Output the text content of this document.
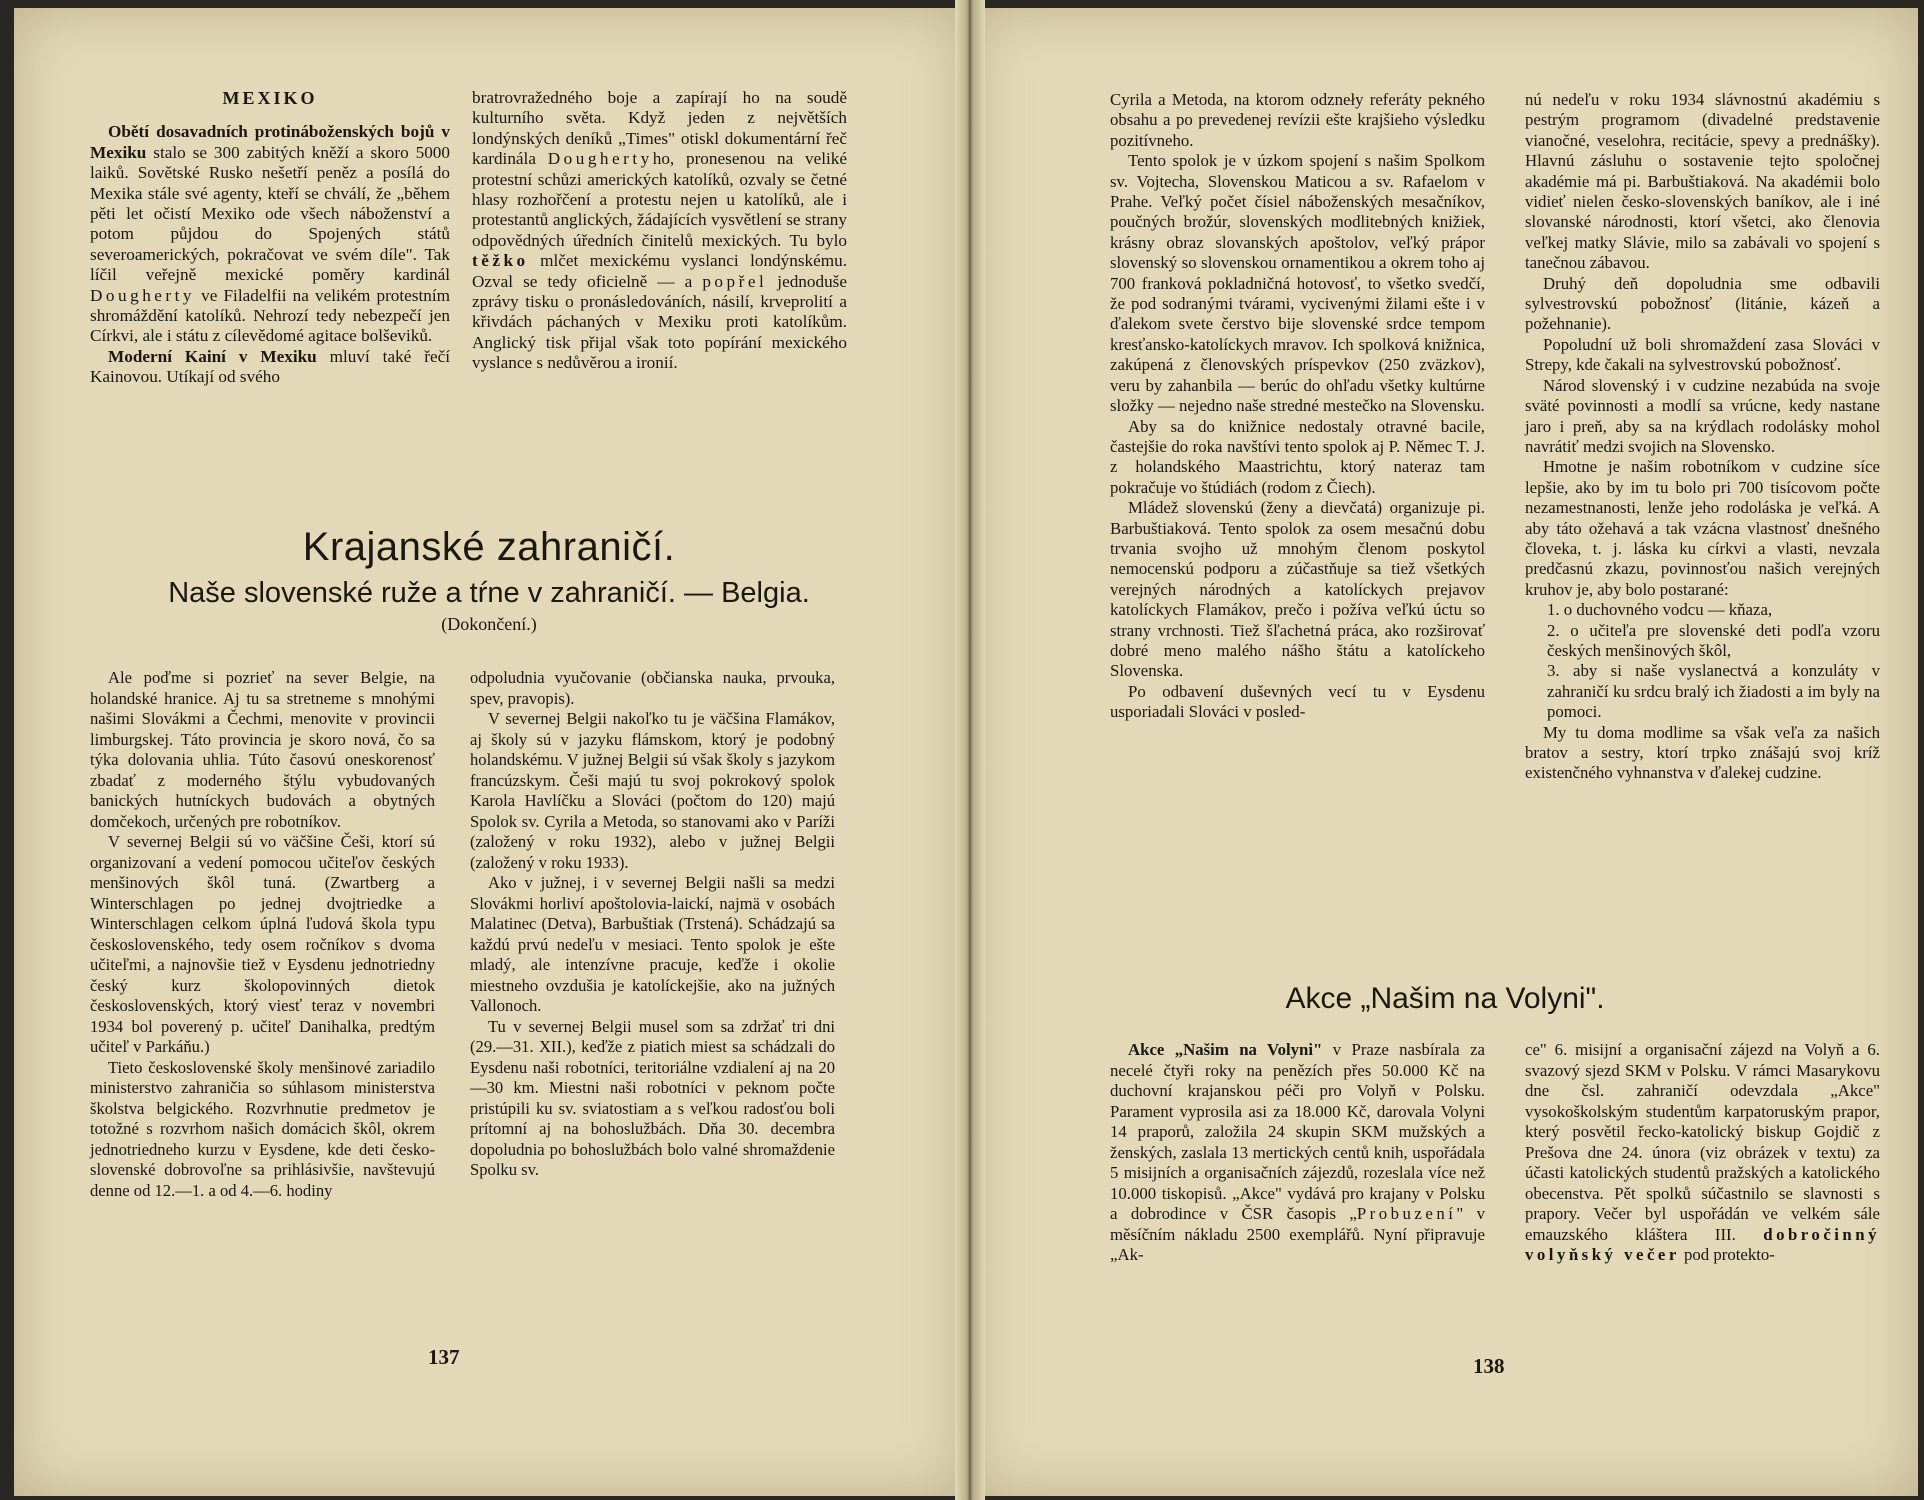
MEXIKO

Obětí dosavadních protináboženských bojů v Mexiku stalo se 300 zabitých kněží a skoro 5000 laiků. Sovětské Rusko nešetří peněz a posílá do Mexika stále své agenty, kteří se chválí, že „během pěti let očistí Mexiko ode všech náboženství a potom půjdou do Spojených států severoamerických, pokračovat ve svém díle". Tak líčil veřejně mexické poměry kardinál Dougherty ve Filadelfii na velikém protestním shromáždění katolíků. Nehrozí tedy nebezpečí jen Církvi, ale i státu z cílevědomé agitace bolševiků.

Moderní Kainí v Mexiku mluví také řečí Kainovou. Utíkají od svého

bratrovražedného boje a zapírají ho na soudě kulturního světa. Když jeden z největších londýnských deníků „Times" otiskl dokumentární řeč kardinála Doughertyho, pronesenou na veliké protestní schůzi amerických katolíků, ozvaly se četné hlasy rozhořčení a protestu nejen u katolíků, ale i protestantů anglických, žádajících vysvětlení se strany odpovědných úředních činitelů mexických. Tu bylo těžko mlčet mexickému vyslanci londýnskému. Ozval se tedy oficielně — a popřel jednoduše zprávy tisku o pronásledováních, násilí, krveprolití a křivdách páchaných v Mexiku proti katolíkům. Anglický tisk přijal však toto popírání mexického vyslance s nedůvěrou a ironií.

Krajanské zahraničí.
Naše slovenské ruže a tŕne v zahraničí. — Belgia.
(Dokončení.)

Ale poďme si pozrieť na sever Belgie, na holandské hranice. Aj tu sa stretneme s mnohými našimi Slovákmi a Čechmi, menovite v provincii limburgskej. Táto provincia je skoro nová, čo sa týka dolovania uhlia. Túto časovú oneskorenosť zbadať z moderného štýlu vybudovaných banických hutníckych budovách a obytných domčekoch, určených pre robotníkov.

V severnej Belgii sú vo väčšine Češi, ktorí sú organizovaní a vedení pomocou učiteľov českých menšinových škôl tuná. (Zwartberg a Winterschlagen po jednej dvojtriedke a Winterschlagen celkom úplná ľudová škola typu československého, tedy osem ročníkov s dvoma učiteľmi, a najnovšie tiež v Eysdenu jednotriedny český kurz školopovinných dietok československých, ktorý viesť teraz v novembri 1934 bol poverený p. učiteľ Danihalka, predtým učiteľ v Parkáňu.)

Tieto československé školy menšinové zariadilo ministerstvo zahraničia so súhlasom ministerstva školstva belgického. Rozvrhnutie predmetov je totožné s rozvrhom našich domácich škôl, okrem jednotriedneho kurzu v Eysdene, kde deti česko-slovenské dobrovoľne sa prihlásivšie, navštevujú denne od 12.—1. a od 4.—6. hodiny

odpoludnia vyučovanie (občianska nauka, prvouka, spev, pravopis).

V severnej Belgii nakoľko tu je väčšina Flamákov, aj školy sú v jazyku flámskom, ktorý je podobný holandskému. V južnej Belgii sú však školy s jazykom francúzskym. Češi majú tu svoj pokrokový spolok Karola Havlíčku a Slováci (počtom do 120) majú Spolok sv. Cyrila a Metoda, so stanovami ako v Paríži (založený v roku 1932), alebo v južnej Belgii (založený v roku 1933).

Ako v južnej, i v severnej Belgii našli sa medzi Slovákmi horliví apoštolovia-laickí, najmä v osobách Malatinec (Detva), Barbuštiak (Trstená). Schádzajú sa každú prvú nedeľu v mesiaci. Tento spolok je ešte mladý, ale intenzívne pracuje, keďže i okolie miestneho ovzdušia je katolíckejšie, ako na južných Vallonoch.

Tu v severnej Belgii musel som sa zdržať tri dni (29.—31. XII.), keďže z piatich miest sa schádzali do Eysdenu naši robotníci, teritoriálne vzdialení aj na 20—30 km. Miestni naši robotníci v peknom počte pristúpili ku sv. sviatostiam a s veľkou radosťou boli prítomní aj na bohoslužbách. Dňa 30. decembra dopoludnia po bohoslužbách bolo valné shromaždenie Spolku sv.

137

Cyrila a Metoda, na ktorom odzneły referáty pekného obsahu a po prevedenej revízii ešte krajšieho výsledku pozitívneho.

Tento spolok je v úzkom spojení s našim Spolkom sv. Vojtecha, Slovenskou Maticou a sv. Rafaelom v Prahe. Veľký počet čísiel náboženských mesačníkov, poučných brožúr, slovenských modlitebných knižiek, krásny obraz slovanských apoštolov, veľký prápor slovenský so slovenskou ornamentikou a okrem toho aj 700 franková pokladničná hotovosť, to všetko svedčí, že pod sodranými tvárami, vycivenými žilami ešte i v ďalekom svete čerstvo bije slovenské srdce tempom kresťansko-katolíckych mravov. Ich spolková knižnica, zakúpená z členovských príspevkov (250 zväzkov), veru by zahanbila — berúc do ohľadu všetky kultúrne složky — nejedno naše stredné mestečko na Slovensku.

Aby sa do knižnice nedostaly otravné bacile, častejšie do roka navštívi tento spolok aj P. Němec T. J. z holandského Maastrichtu, ktorý nateraz tam pokračuje vo štúdiách (rodom z Čiech).

Mládež slovenskú (ženy a dievčatá) organizuje pi. Barbuštiaková. Tento spolok za osem mesačnú dobu trvania svojho už mnohým členom poskytol nemocenskú podporu a zúčastňuje sa tiež všetkých verejných národných a katolíckych prejavov katolíckych Flamákov, prečo i požíva veľkú úctu so strany vrchnosti. Tiež šľachetná práca, ako rozširovať dobré meno malého nášho štátu a katolíckeho Slovenska.

Po odbavení duševných vecí tu v Eysdenu usporiadali Slováci v posled-

nú nedeľu v roku 1934 slávnostnú akadémiu s pestrým programom (divadelné predstavenie vianočné, veselohra, recitácie, spevy a prednášky). Hlavnú zásluhu o sostavenie tejto spoločnej akadémie má pi. Barbuštiaková. Na akadémii bolo vidieť nielen česko-slovenských baníkov, ale i iné slovanské národnosti, ktorí všetci, ako členovia veľkej matky Slávie, milo sa zabávali vo spojení s tanečnou zábavou.

Druhý deň dopoludnia sme odbavili sylvestrovskú pobožnosť (litánie, kázeň a požehnanie).

Popoludní už boli shromaždení zasa Slováci v Strepy, kde čakali na sylvestrovskú pobožnosť.

Národ slovenský i v cudzine nezabúda na svoje sväté povinnosti a modlí sa vrúcne, kedy nastane jaro i preň, aby sa na krýdlach rodolásky mohol navrátiť medzi svojich na Slovensko.

Hmotne je našim robotníkom v cudzine síce lepšie, ako by im tu bolo pri 700 tisícovom počte nezamestnanosti, lenže jeho rodoláska je veľká. A aby táto ožehavá a tak vzácna vlastnosť dnešného človeka, t. j. láska ku církvi a vlasti, nevzala predčasnú zkazu, povinnosťou našich verejných kruhov je, aby bolo postarané:

1. o duchovného vodcu — kňaza,

2. o učiteľa pre slovenské deti podľa vzoru českých menšinových škôl,

3. aby si naše vyslanectvá a konzuláty v zahraničí ku srdcu bralý ich žiadosti a im byly na pomoci.

My tu doma modlime sa však veľa za našich bratov a sestry, ktorí trpko znášajú svoj kríž existenčného vyhnanstva v ďalekej cudzine.

Akce „Našim na Volyni".

Akce „Našim na Volyni" v Praze nasbírala za necelé čtyři roky na penězích přes 50.000 Kč na duchovní krajanskou péči pro Volyň v Polsku. Parament vyprosila asi za 18.000 Kč, darovala Volyni 14 praporů, založila 24 skupin SKM mužských a ženských, zaslala 13 mertických centů knih, uspořádala 5 misijních a organisačních zájezdů, rozeslala více než 10.000 tiskopisů. „Akce" vydává pro krajany v Polsku a dobrodince v ČSR časopis „Probuzení" v měsíčním nákladu 2500 exemplářů. Nyní připravuje „Ak-

ce" 6. misijní a organisační zájezd na Volyň a 6. svazový sjezd SKM v Polsku. V rámci Masarykovu dne čsl. zahraničí odevzdala „Akce" vysokoškolským studentům karpatoruským prapor, který posvětil řecko-katolický biskup Gojdič z Prešova dne 24. února (viz obrázek v textu) za účasti katolických studentů pražských a katolického obecenstva. Pět spolků súčastnilo se slavnosti s prapory. Večer byl uspořádán ve velkém sále emauzského kláštera III. dobročinný volyňský večer pod protekto-

138
